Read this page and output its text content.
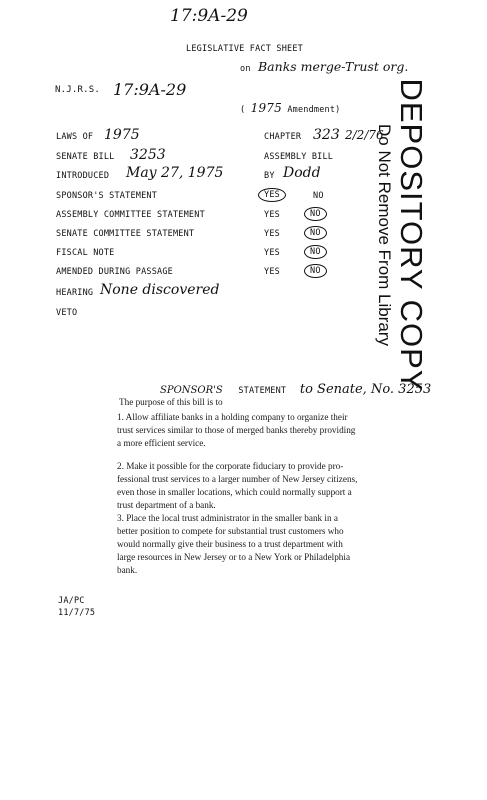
17:9A-29
LEGISLATIVE FACT SHEET
on Banks merge-Trust org.
N.J.R.S. 17:9A-29
( 1975 Amendment)
LAWS OF 1975
SENATE BILL 3253
INTRODUCED May 27, 1975
CHAPTER 323 2/2/76
ASSEMBLY BILL
BY Dodd
SPONSOR'S STATEMENT	YES	NO
ASSEMBLY COMMITTEE STATEMENT	YES	NO
SENATE COMMITTEE STATEMENT	YES	NO
FISCAL NOTE	YES	NO
AMENDED DURING PASSAGE	YES	NO
HEARING None discovered
VETO	DEPOSITORY COPY
Do Not Remove From Library
SPONSOR'S STATEMENT to Senate, No. 3253
The purpose of this bill is to
1. Allow affiliate banks in a holding company to organize their
trust services similar to those of merged banks thereby providing
a more efficient service.
2. Make it possible for the corporate fiduciary to provide pro-
fessional trust services to a larger number of New Jersey citizens,
even those in smaller locations, which could normally support a
trust department of a bank.
3. Place the local trust administrator in the smaller bank in a
better position to compete for substantial trust customers who
would normally give their business to a trust department with
large resources in New Jersey or to a New York or Philadelphia
bank.
JA/PC
11/7/75
